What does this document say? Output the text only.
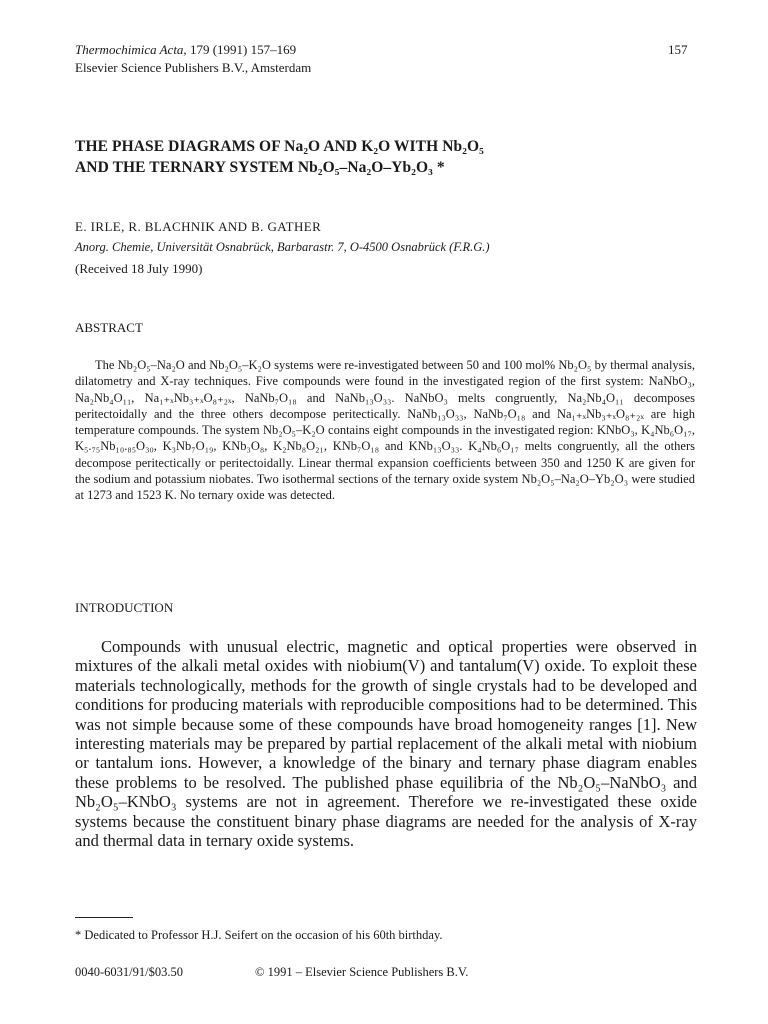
Thermochimica Acta, 179 (1991) 157–169
Elsevier Science Publishers B.V., Amsterdam
157
THE PHASE DIAGRAMS OF Na₂O AND K₂O WITH Nb₂O₅
AND THE TERNARY SYSTEM Nb₂O₅–Na₂O–Yb₂O₃ *
E. IRLE, R. BLACHNIK AND B. GATHER
Anorg. Chemie, Universität Osnabrück, Barbarastr. 7, O-4500 Osnabrück (F.R.G.)
(Received 18 July 1990)
ABSTRACT

The Nb₂O₅–Na₂O and Nb₂O₅–K₂O systems were re-investigated between 50 and 100 mol% Nb₂O₅ by thermal analysis, dilatometry and X-ray techniques. Five compounds were found in the investigated region of the first system: NaNbO₃, Na₂Nb₄O₁₁, Na₁₊ₓNb₃₊ₓO₈₊₂ₓ, NaNb₇O₁₈ and NaNb₁₃O₃₃. NaNbO₃ melts congruently, Na₂Nb₄O₁₁ decomposes peritectoidally and the three others decompose peritectically. NaNb₁₃O₃₃, NaNb₇O₁₈ and Na₁₊ₓNb₃₊ₓO₈₊₂ₓ are high temperature compounds. The system Nb₂O₅–K₂O contains eight compounds in the investigated region: KNbO₃, K₄Nb₆O₁₇, K₅.₇₅Nb₁₀.₈₅O₃₀, K₃Nb₇O₁₉, KNb₃O₈, K₂Nb₈O₂₁, KNb₇O₁₈ and KNb₁₃O₃₃. K₄Nb₆O₁₇ melts congruently, all the others decompose peritectically or peritectoidally. Linear thermal expansion coefficients between 350 and 1250 K are given for the sodium and potassium niobates. Two isothermal sections of the ternary oxide system Nb₂O₅–Na₂O–Yb₂O₃ were studied at 1273 and 1523 K. No ternary oxide was detected.

INTRODUCTION

Compounds with unusual electric, magnetic and optical properties were observed in mixtures of the alkali metal oxides with niobium(V) and tantalum(V) oxide. To exploit these materials technologically, methods for the growth of single crystals had to be developed and conditions for producing materials with reproducible compositions had to be determined. This was not simple because some of these compounds have broad homogeneity ranges [1]. New interesting materials may be prepared by partial replacement of the alkali metal with niobium or tantalum ions. However, a knowledge of the binary and ternary phase diagram enables these problems to be resolved. The published phase equilibria of the Nb₂O₅–NaNbO₃ and Nb₂O₅–KNbO₃ systems are not in agreement. Therefore we re-investigated these oxide systems because the constituent binary phase diagrams are needed for the analysis of X-ray and thermal data in ternary oxide systems.

* Dedicated to Professor H.J. Seifert on the occasion of his 60th birthday.
0040-6031/91/$03.50	© 1991 – Elsevier Science Publishers B.V.
